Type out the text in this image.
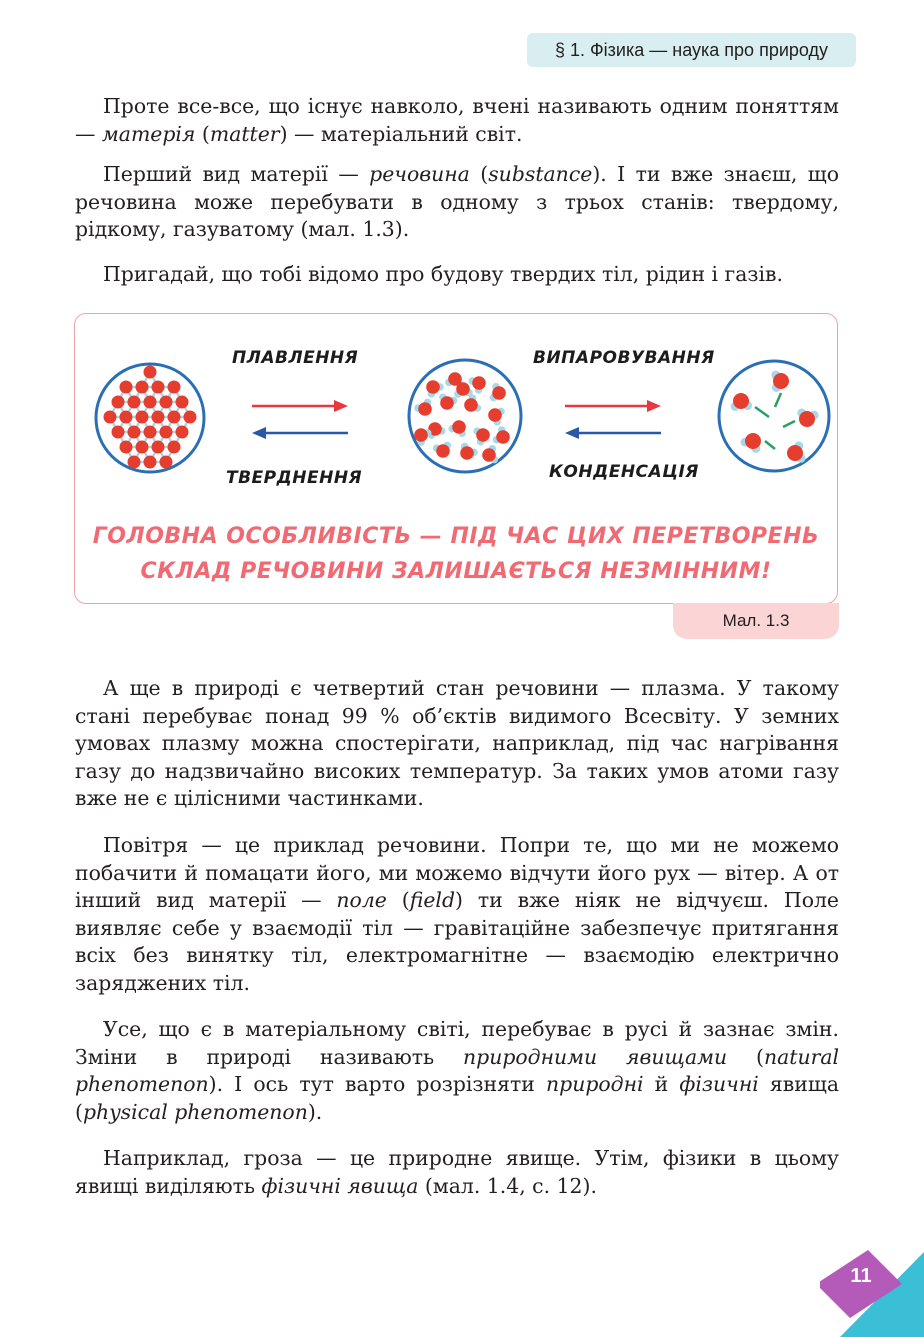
§ 1. Фізика — наука про природу

Проте все-все, що існує навколо, вчені називають одним поняттям — матерія (matter) — матеріальний світ.

Перший вид матерії — речовина (substance). І ти вже знаєш, що речовина може перебувати в одному з трьох станів: твердому, рідкому, газуватому (мал. 1.3).

Пригадай, що тобі відомо про будову твердих тіл, рідин і газів.

ПЛАВЛЕННЯ
ТВЕРДНЕННЯ
ВИПАРОВУВАННЯ
КОНДЕНСАЦІЯ
ГОЛОВНА ОСОБЛИВІСТЬ — ПІД ЧАС ЦИХ ПЕРЕТВОРЕНЬ
СКЛАД РЕЧОВИНИ ЗАЛИШАЄТЬСЯ НЕЗМІННИМ!
Мал. 1.3

А ще в природі є четвертий стан речовини — плазма. У такому стані перебуває понад 99 % об’єктів видимого Всесвіту. У земних умовах плазму можна спостерігати, наприклад, під час нагрівання газу до надзвичайно високих температур. За таких умов атоми газу вже не є цілісними частинками.

Повітря — це приклад речовини. Попри те, що ми не можемо побачити й помацати його, ми можемо відчути його рух — вітер. А от інший вид матерії — поле (field) ти вже ніяк не відчуєш. Поле виявляє себе у взаємодії тіл — гравітаційне забезпечує притягання всіх без винятку тіл, електромагнітне — взаємодію електрично заряджених тіл.

Усе, що є в матеріальному світі, перебуває в русі й зазнає змін. Зміни в природі називають природними явищами (natural phenomenon). І ось тут варто розрізняти природні й фізичні явища (physical phenomenon).

Наприклад, гроза — це природне явище. Утім, фізики в цьому явищі виділяють фізичні явища (мал. 1.4, с. 12).

11
